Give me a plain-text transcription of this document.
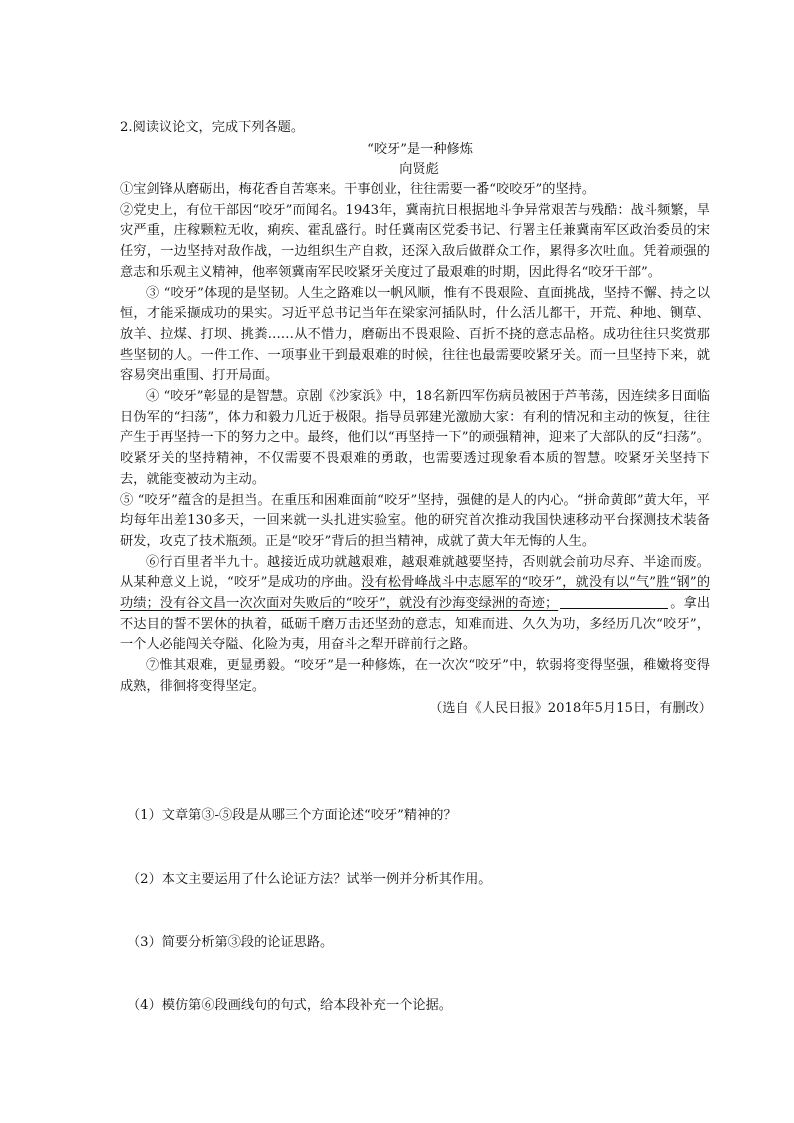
2.阅读议论文，完成下列各题。
“咬牙”是一种修炼
向贤彪

①宝剑锋从磨砺出，梅花香自苦寒来。干事创业，往往需要一番“咬咬牙”的坚持。

②党史上，有位干部因“咬牙”而闻名。1943年，冀南抗日根据地斗争异常艰苦与残酷：战斗频繁，旱灾严重，庄稼颗粒无收，痢疾、霍乱盛行。时任冀南区党委书记、行署主任兼冀南军区政治委员的宋任穷，一边坚持对敌作战，一边组织生产自救，还深入敌后做群众工作，累得多次吐血。凭着顽强的意志和乐观主义精神，他率领冀南军民咬紧牙关度过了最艰难的时期，因此得名“咬牙干部”。

③ “咬牙”体现的是坚韧。人生之路难以一帆风顺，惟有不畏艰险、直面挑战，坚持不懈、持之以恒，才能采撷成功的果实。习近平总书记当年在梁家河插队时，什么活儿都干，开荒、种地、铡草、放羊、拉煤、打坝、挑粪……从不惜力，磨砺出不畏艰险、百折不挠的意志品格。成功往往只奖赏那些坚韧的人。一件工作、一项事业干到最艰难的时候，往往也最需要咬紧牙关。而一旦坚持下来，就容易突出重围、打开局面。

④ “咬牙”彰显的是智慧。京剧《沙家浜》中，18名新四军伤病员被困于芦苇荡，因连续多日面临日伪军的“扫荡”，体力和毅力几近于极限。指导员郭建光激励大家：有利的情况和主动的恢复，往往产生于再坚持一下的努力之中。最终，他们以“再坚持一下”的顽强精神，迎来了大部队的反“扫荡”。咬紧牙关的坚持精神，不仅需要不畏艰难的勇敢，也需要透过现象看本质的智慧。咬紧牙关坚持下去，就能变被动为主动。

⑤ “咬牙”蕴含的是担当。在重压和困难面前“咬牙”坚持，强健的是人的内心。“拼命黄郎”黄大年，平均每年出差130多天，一回来就一头扎进实验室。他的研究首次推动我国快速移动平台探测技术装备研发，攻克了技术瓶颈。正是“咬牙”背后的担当精神，成就了黄大年无悔的人生。

⑥行百里者半九十。越接近成功就越艰难，越艰难就越要坚持，否则就会前功尽弃、半途而废。从某种意义上说，“咬牙”是成功的序曲。没有松骨峰战斗中志愿军的“咬牙”，就没有以“气”胜“钢”的功绩；没有谷文昌一次次面对失败后的“咬牙”，就没有沙海变绿洲的奇迹；	。拿出不达目的誓不罢休的执着，砥砺千磨万击还坚劲的意志，知难而进、久久为功，多经历几次“咬牙”，一个人必能闯关夺隘、化险为夷，用奋斗之犁开辟前行之路。

⑦惟其艰难，更显勇毅。“咬牙”是一种修炼，在一次次“咬牙”中，软弱将变得坚强，稚嫩将变得成熟，徘徊将变得坚定。

（选自《人民日报》2018年5月15日，有删改）
（1）文章第③-⑤段是从哪三个方面论述“咬牙”精神的？
（2）本文主要运用了什么论证方法？试举一例并分析其作用。
（3）简要分析第③段的论证思路。
（4）模仿第⑥段画线句的句式，给本段补充一个论据。
